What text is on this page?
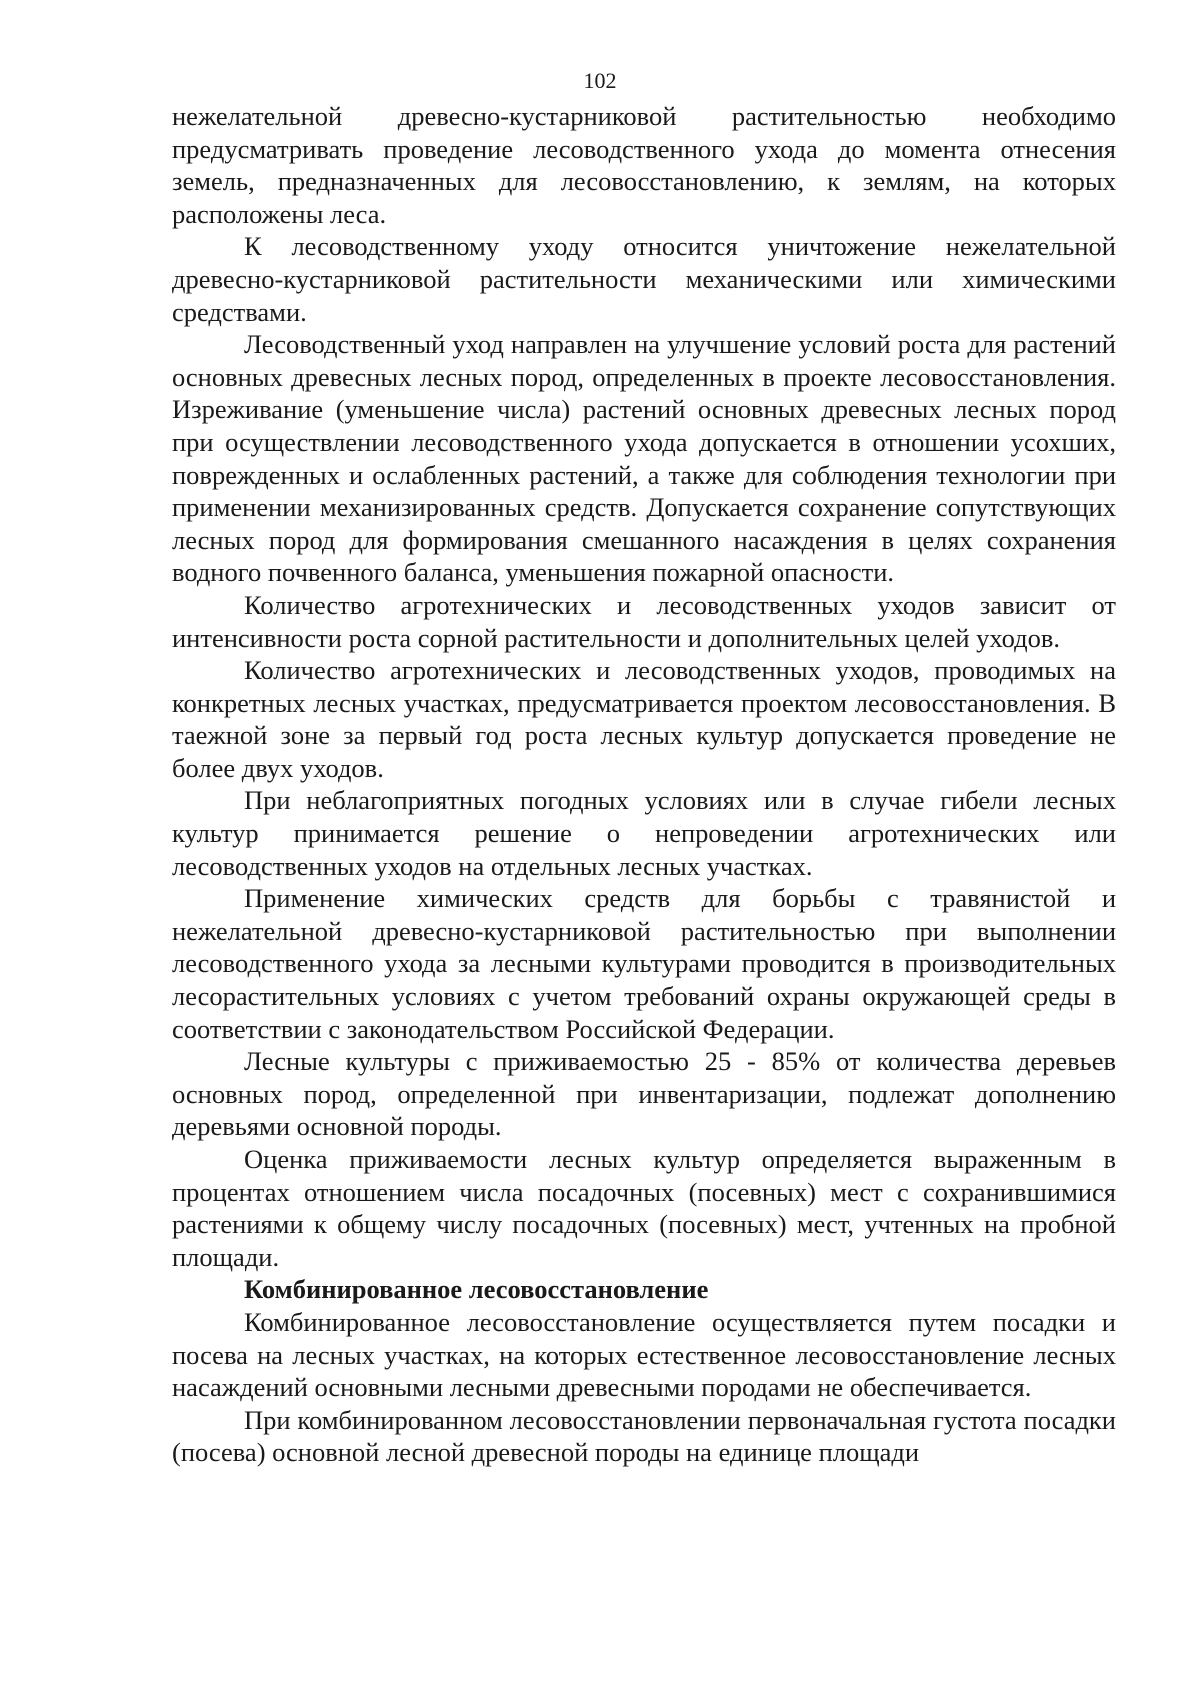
102

нежелательной древесно-кустарниковой растительностью необходимо предусматривать проведение лесоводственного ухода до момента отнесения земель, предназначенных для лесовосстановлению, к землям, на которых расположены леса.

К лесоводственному уходу относится уничтожение нежелательной древесно-кустарниковой растительности механическими или химическими средствами.

Лесоводственный уход направлен на улучшение условий роста для растений основных древесных лесных пород, определенных в проекте лесовосстановления. Изреживание (уменьшение числа) растений основных древесных лесных пород при осуществлении лесоводственного ухода допускается в отношении усохших, поврежденных и ослабленных растений, а также для соблюдения технологии при применении механизированных средств. Допускается сохранение сопутствующих лесных пород для формирования смешанного насаждения в целях сохранения водного почвенного баланса, уменьшения пожарной опасности.

Количество агротехнических и лесоводственных уходов зависит от интенсивности роста сорной растительности и дополнительных целей уходов.

Количество агротехнических и лесоводственных уходов, проводимых на конкретных лесных участках, предусматривается проектом лесовосстановления. В таежной зоне за первый год роста лесных культур допускается проведение не более двух уходов.

При неблагоприятных погодных условиях или в случае гибели лесных культур принимается решение о непроведении агротехнических или лесоводственных уходов на отдельных лесных участках.

Применение химических средств для борьбы с травянистой и нежелательной древесно-кустарниковой растительностью при выполнении лесоводственного ухода за лесными культурами проводится в производительных лесорастительных условиях с учетом требований охраны окружающей среды в соответствии с законодательством Российской Федерации.

Лесные культуры с приживаемостью 25 - 85% от количества деревьев основных пород, определенной при инвентаризации, подлежат дополнению деревьями основной породы.

Оценка приживаемости лесных культур определяется выраженным в процентах отношением числа посадочных (посевных) мест с сохранившимися растениями к общему числу посадочных (посевных) мест, учтенных на пробной площади.

Комбинированное лесовосстановление

Комбинированное лесовосстановление осуществляется путем посадки и посева на лесных участках, на которых естественное лесовосстановление лесных насаждений основными лесными древесными породами не обеспечивается.

При комбинированном лесовосстановлении первоначальная густота посадки (посева) основной лесной древесной породы на единице площади
